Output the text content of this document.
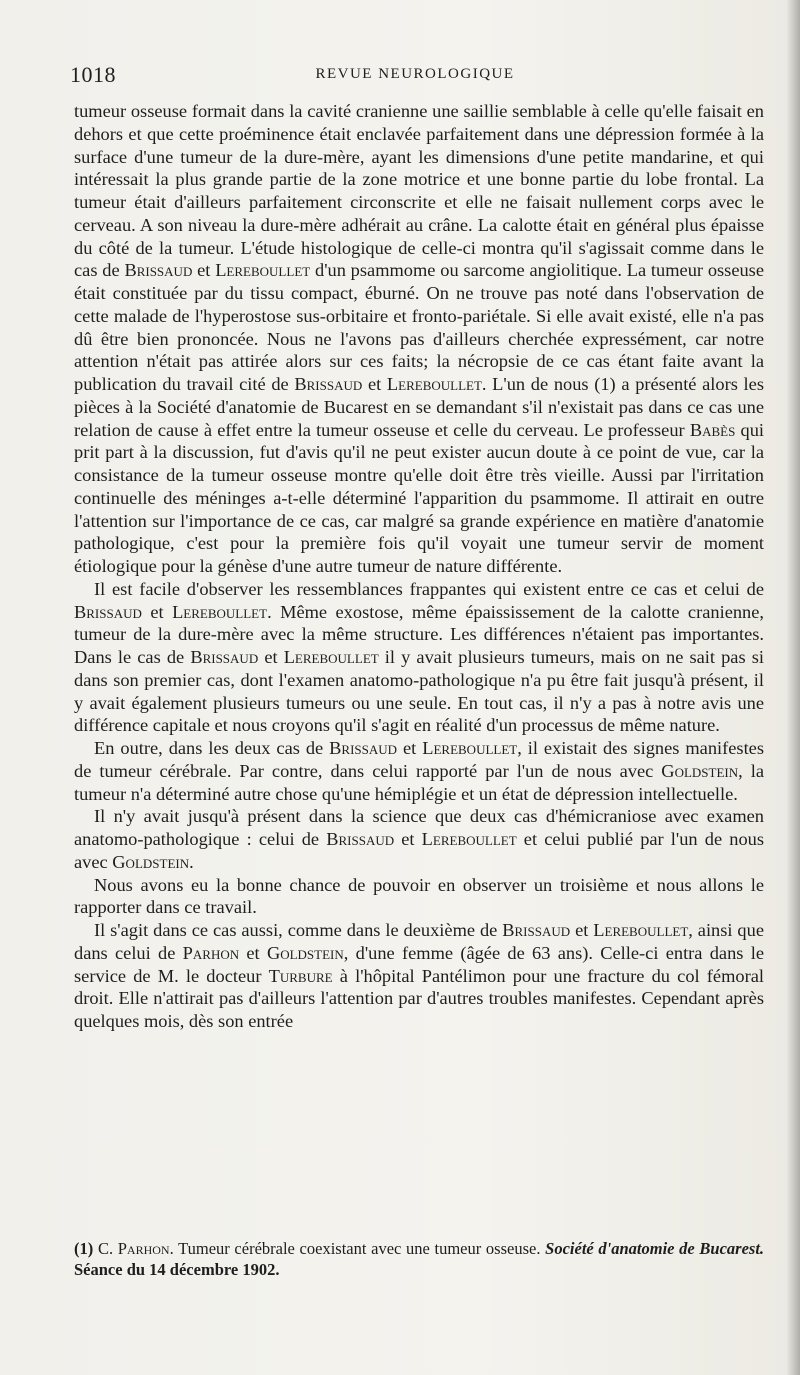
1018	REVUE NEUROLOGIQUE

tumeur osseuse formait dans la cavité cranienne une saillie semblable à celle qu'elle faisait en dehors et que cette proéminence était enclavée parfaitement dans une dépression formée à la surface d'une tumeur de la dure-mère, ayant les dimensions d'une petite mandarine, et qui intéressait la plus grande partie de la zone motrice et une bonne partie du lobe frontal. La tumeur était d'ailleurs parfaitement circonscrite et elle ne faisait nullement corps avec le cerveau. A son niveau la dure-mère adhérait au crâne. La calotte était en général plus épaisse du côté de la tumeur. L'étude histologique de celle-ci montra qu'il s'agissait comme dans le cas de Brissaud et Lereboullet d'un psammome ou sarcome angiolitique. La tumeur osseuse était constituée par du tissu compact, éburné. On ne trouve pas noté dans l'observation de cette malade de l'hyperostose sus-orbitaire et fronto-pariétale. Si elle avait existé, elle n'a pas dû être bien prononcée. Nous ne l'avons pas d'ailleurs cherchée expressément, car notre attention n'était pas attirée alors sur ces faits; la nécropsie de ce cas étant faite avant la publication du travail cité de Brissaud et Lereboullet. L'un de nous (1) a présenté alors les pièces à la Société d'anatomie de Bucarest en se demandant s'il n'existait pas dans ce cas une relation de cause à effet entre la tumeur osseuse et celle du cerveau. Le professeur Babès qui prit part à la discussion, fut d'avis qu'il ne peut exister aucun doute à ce point de vue, car la consistance de la tumeur osseuse montre qu'elle doit être très vieille. Aussi par l'irritation continuelle des méninges a-t-elle déterminé l'apparition du psammome. Il attirait en outre l'attention sur l'importance de ce cas, car malgré sa grande expérience en matière d'anatomie pathologique, c'est pour la première fois qu'il voyait une tumeur servir de moment étiologique pour la génèse d'une autre tumeur de nature différente.

Il est facile d'observer les ressemblances frappantes qui existent entre ce cas et celui de Brissaud et Lereboullet. Même exostose, même épaississement de la calotte cranienne, tumeur de la dure-mère avec la même structure. Les différences n'étaient pas importantes. Dans le cas de Brissaud et Lereboullet il y avait plusieurs tumeurs, mais on ne sait pas si dans son premier cas, dont l'examen anatomo-pathologique n'a pu être fait jusqu'à présent, il y avait également plusieurs tumeurs ou une seule. En tout cas, il n'y a pas à notre avis une différence capitale et nous croyons qu'il s'agit en réalité d'un processus de même nature.

En outre, dans les deux cas de Brissaud et Lereboullet, il existait des signes manifestes de tumeur cérébrale. Par contre, dans celui rapporté par l'un de nous avec Goldstein, la tumeur n'a déterminé autre chose qu'une hémiplégie et un état de dépression intellectuelle.

Il n'y avait jusqu'à présent dans la science que deux cas d'hémicraniose avec examen anatomo-pathologique : celui de Brissaud et Lereboullet et celui publié par l'un de nous avec Goldstein.

Nous avons eu la bonne chance de pouvoir en observer un troisième et nous allons le rapporter dans ce travail.

Il s'agit dans ce cas aussi, comme dans le deuxième de Brissaud et Lereboullet, ainsi que dans celui de Parhon et Goldstein, d'une femme (âgée de 63 ans). Celle-ci entra dans le service de M. le docteur Turbure à l'hôpital Pantélimon pour une fracture du col fémoral droit. Elle n'attirait pas d'ailleurs l'attention par d'autres troubles manifestes. Cependant après quelques mois, dès son entrée

(1) C. Parhon. Tumeur cérébrale coexistant avec une tumeur osseuse. Société d'anatomie de Bucarest. Séance du 14 décembre 1902.
